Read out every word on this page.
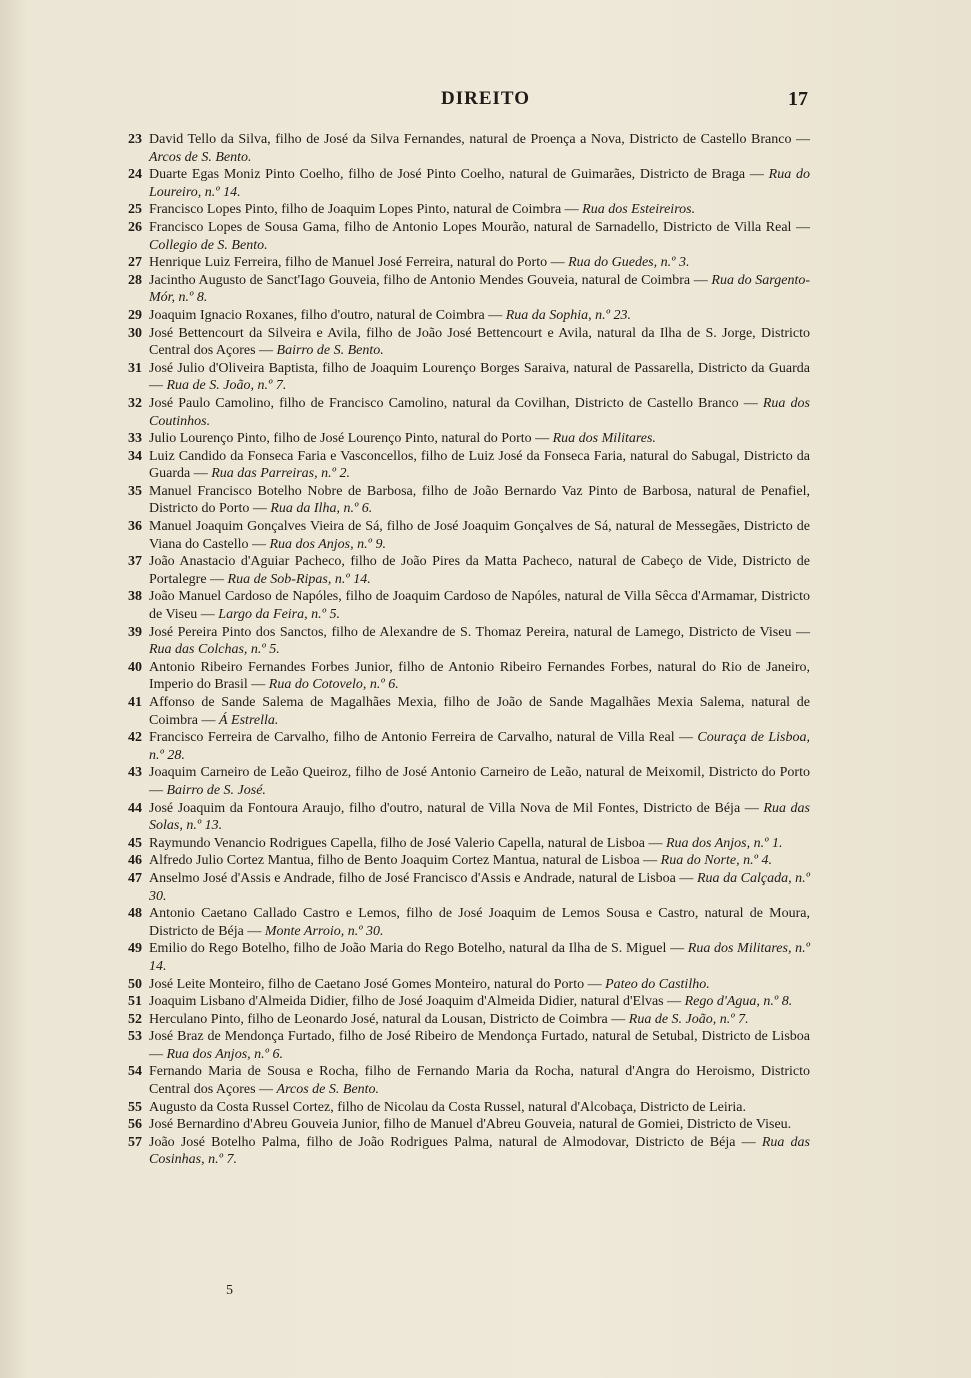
DIREITO	17
23 David Tello da Silva, filho de José da Silva Fernandes, natural de Proença a Nova, Districto de Castello Branco — Arcos de S. Bento.
24 Duarte Egas Moniz Pinto Coelho, filho de José Pinto Coelho, natural de Guimarães, Districto de Braga — Rua do Loureiro, n.º 14.
25 Francisco Lopes Pinto, filho de Joaquim Lopes Pinto, natural de Coimbra — Rua dos Esteireiros.
26 Francisco Lopes de Sousa Gama, filho de Antonio Lopes Mourão, natural de Sarnadello, Districto de Villa Real — Collegio de S. Bento.
27 Henrique Luiz Ferreira, filho de Manuel José Ferreira, natural do Porto — Rua do Guedes, n.º 3.
28 Jacintho Augusto de Sanct'Iago Gouveia, filho de Antonio Mendes Gouveia, natural de Coimbra — Rua do Sargento-Mór, n.º 8.
29 Joaquim Ignacio Roxanes, filho d'outro, natural de Coimbra — Rua da Sophia, n.º 23.
30 José Bettencourt da Silveira e Avila, filho de João José Bettencourt e Avila, natural da Ilha de S. Jorge, Districto Central dos Açores — Bairro de S. Bento.
31 José Julio d'Oliveira Baptista, filho de Joaquim Lourenço Borges Saraiva, natural de Passarella, Districto da Guarda — Rua de S. João, n.º 7.
32 José Paulo Camolino, filho de Francisco Camolino, natural da Covilhan, Districto de Castello Branco — Rua dos Coutinhos.
33 Julio Lourenço Pinto, filho de José Lourenço Pinto, natural do Porto — Rua dos Militares.
34 Luiz Candido da Fonseca Faria e Vasconcellos, filho de Luiz José da Fonseca Faria, natural do Sabugal, Districto da Guarda — Rua das Parreiras, n.º 2.
35 Manuel Francisco Botelho Nobre de Barbosa, filho de João Bernardo Vaz Pinto de Barbosa, natural de Penafiel, Districto do Porto — Rua da Ilha, n.º 6.
36 Manuel Joaquim Gonçalves Vieira de Sá, filho de José Joaquim Gonçalves de Sá, natural de Messegães, Districto de Viana do Castello — Rua dos Anjos, n.º 9.
37 João Anastacio d'Aguiar Pacheco, filho de João Pires da Matta Pacheco, natural de Cabeço de Vide, Districto de Portalegre — Rua de Sob-Ripas, n.º 14.
38 João Manuel Cardoso de Napóles, filho de Joaquim Cardoso de Napóles, natural de Villa Sêcca d'Armamar, Districto de Viseu — Largo da Feira, n.º 5.
39 José Pereira Pinto dos Sanctos, filho de Alexandre de S. Thomaz Pereira, natural de Lamego, Districto de Viseu — Rua das Colchas, n.º 5.
40 Antonio Ribeiro Fernandes Forbes Junior, filho de Antonio Ribeiro Fernandes Forbes, natural do Rio de Janeiro, Imperio do Brasil — Rua do Cotovelo, n.º 6.
41 Affonso de Sande Salema de Magalhães Mexia, filho de João de Sande Magalhães Mexia Salema, natural de Coimbra — Á Estrella.
42 Francisco Ferreira de Carvalho, filho de Antonio Ferreira de Carvalho, natural de Villa Real — Couraça de Lisboa, n.º 28.
43 Joaquim Carneiro de Leão Queiroz, filho de José Antonio Carneiro de Leão, natural de Meixomil, Districto do Porto — Bairro de S. José.
44 José Joaquim da Fontoura Araujo, filho d'outro, natural de Villa Nova de Mil Fontes, Districto de Béja — Rua das Solas, n.º 13.
45 Raymundo Venancio Rodrigues Capella, filho de José Valerio Capella, natural de Lisboa — Rua dos Anjos, n.º 1.
46 Alfredo Julio Cortez Mantua, filho de Bento Joaquim Cortez Mantua, natural de Lisboa — Rua do Norte, n.º 4.
47 Anselmo José d'Assis e Andrade, filho de José Francisco d'Assis e Andrade, natural de Lisboa — Rua da Calçada, n.º 30.
48 Antonio Caetano Callado Castro e Lemos, filho de José Joaquim de Lemos Sousa e Castro, natural de Moura, Districto de Béja — Monte Arroio, n.º 30.
49 Emilio do Rego Botelho, filho de João Maria do Rego Botelho, natural da Ilha de S. Miguel — Rua dos Militares, n.º 14.
50 José Leite Monteiro, filho de Caetano José Gomes Monteiro, natural do Porto — Pateo do Castilho.
51 Joaquim Lisbano d'Almeida Didier, filho de José Joaquim d'Almeida Didier, natural d'Elvas — Rego d'Agua, n.º 8.
52 Herculano Pinto, filho de Leonardo José, natural da Lousan, Districto de Coimbra — Rua de S. João, n.º 7.
53 José Braz de Mendonça Furtado, filho de José Ribeiro de Mendonça Furtado, natural de Setubal, Districto de Lisboa — Rua dos Anjos, n.º 6.
54 Fernando Maria de Sousa e Rocha, filho de Fernando Maria da Rocha, natural d'Angra do Heroismo, Districto Central dos Açores — Arcos de S. Bento.
55 Augusto da Costa Russel Cortez, filho de Nicolau da Costa Russel, natural d'Alcobaça, Districto de Leiria.
56 José Bernardino d'Abreu Gouveia Junior, filho de Manuel d'Abreu Gouveia, natural de Gomiei, Districto de Viseu.
57 João José Botelho Palma, filho de João Rodrigues Palma, natural de Almodovar, Districto de Béja — Rua das Cosinhas, n.º 7.
5
